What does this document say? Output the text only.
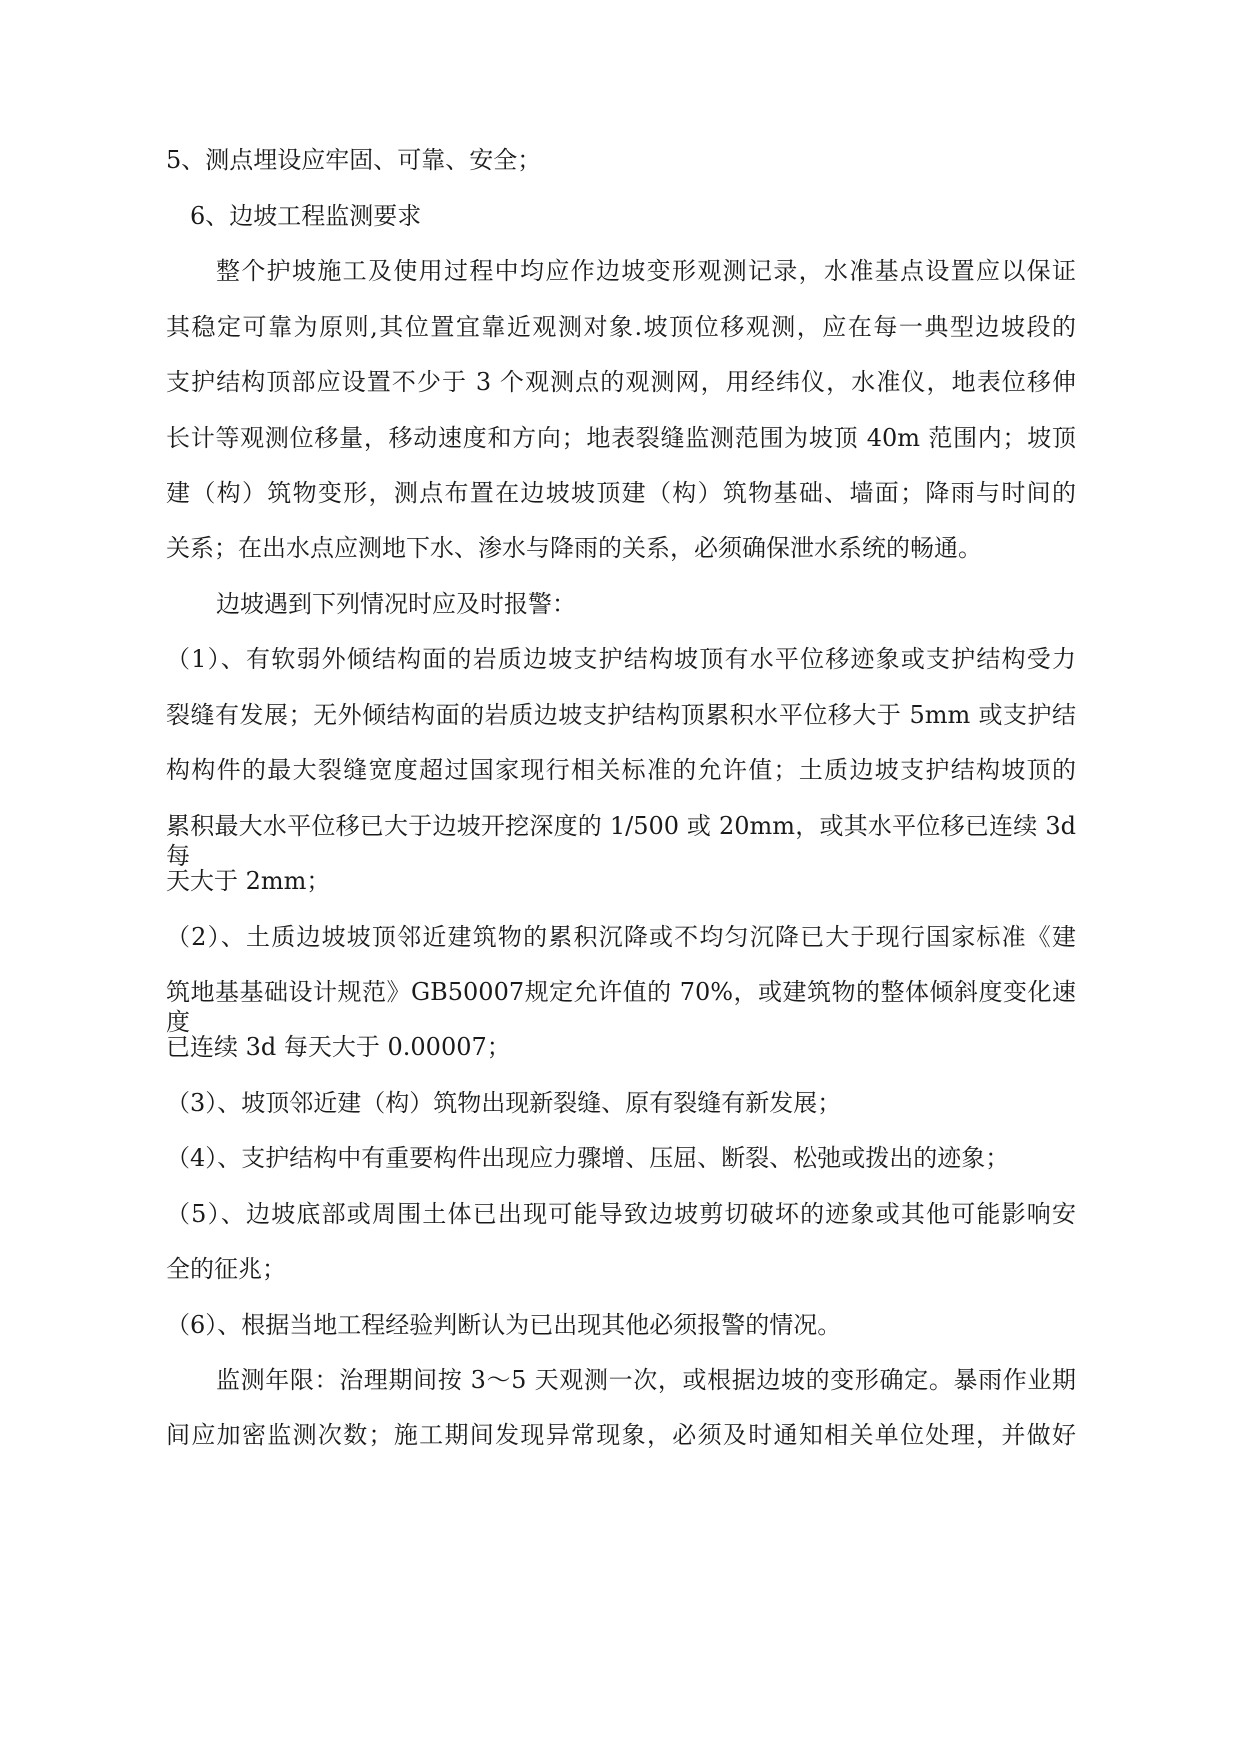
5、测点埋设应牢固、可靠、安全；
6、边坡工程监测要求
整个护坡施工及使用过程中均应作边坡变形观测记录，水准基点设置应以保证
其稳定可靠为原则,其位置宜靠近观测对象.坡顶位移观测，应在每一典型边坡段的
支护结构顶部应设置不少于 3 个观测点的观测网，用经纬仪，水准仪，地表位移伸
长计等观测位移量，移动速度和方向；地表裂缝监测范围为坡顶 40m 范围内；坡顶
建（构）筑物变形，测点布置在边坡坡顶建（构）筑物基础、墙面；降雨与时间的
关系；在出水点应测地下水、渗水与降雨的关系，必须确保泄水系统的畅通。
边坡遇到下列情况时应及时报警：
（1）、有软弱外倾结构面的岩质边坡支护结构坡顶有水平位移迹象或支护结构受力
裂缝有发展；无外倾结构面的岩质边坡支护结构顶累积水平位移大于 5mm 或支护结
构构件的最大裂缝宽度超过国家现行相关标准的允许值；土质边坡支护结构坡顶的
累积最大水平位移已大于边坡开挖深度的 1/500 或 20mm，或其水平位移已连续 3d 每
天大于 2mm；
（2）、土质边坡坡顶邻近建筑物的累积沉降或不均匀沉降已大于现行国家标准《建
筑地基基础设计规范》GB50007规定允许值的 70%，或建筑物的整体倾斜度变化速度
已连续 3d 每天大于 0.00007；
（3）、坡顶邻近建（构）筑物出现新裂缝、原有裂缝有新发展；
（4）、支护结构中有重要构件出现应力骤增、压屈、断裂、松弛或拨出的迹象；
（5）、边坡底部或周围土体已出现可能导致边坡剪切破坏的迹象或其他可能影响安
全的征兆；
（6）、根据当地工程经验判断认为已出现其他必须报警的情况。
监测年限：治理期间按 3～5 天观测一次，或根据边坡的变形确定。暴雨作业期
间应加密监测次数；施工期间发现异常现象，必须及时通知相关单位处理，并做好
